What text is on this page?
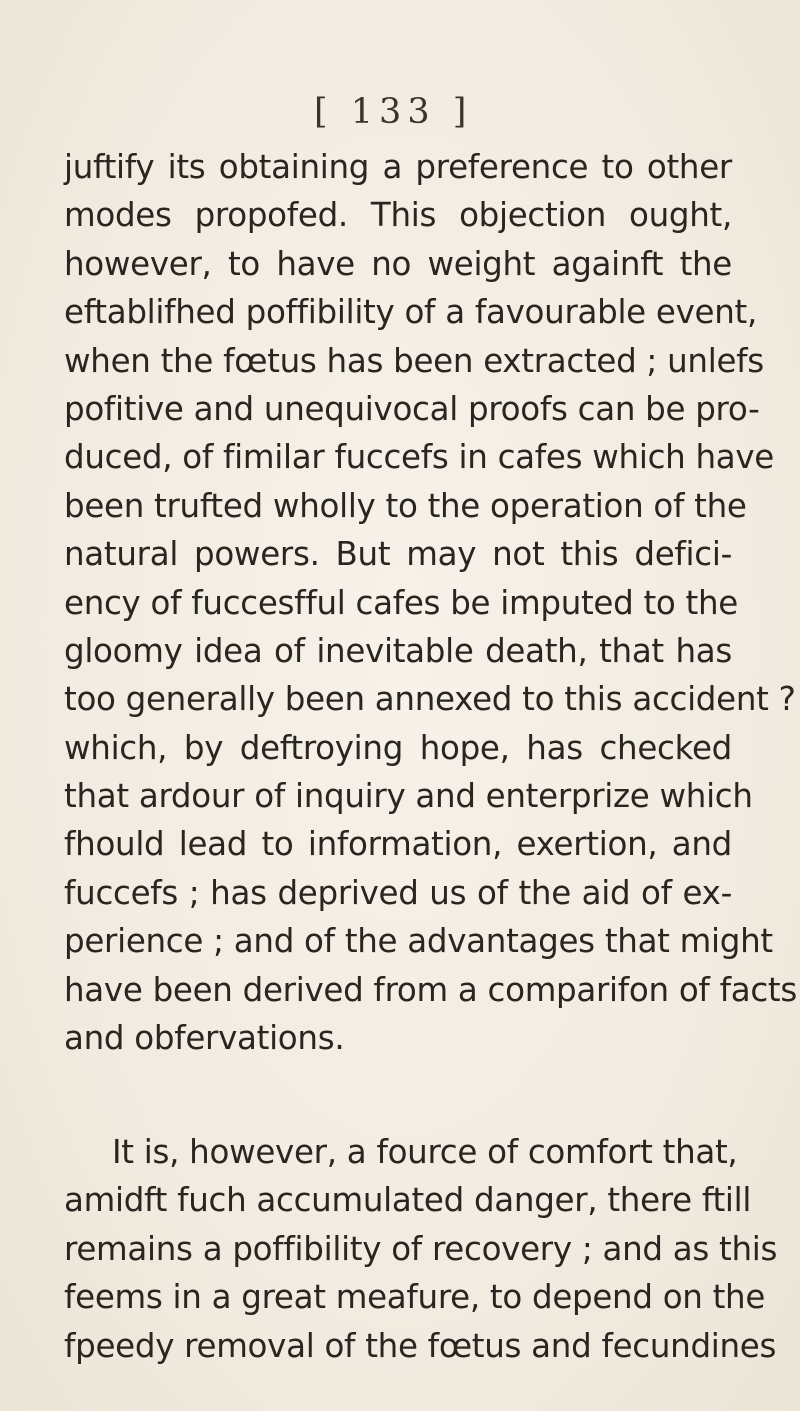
[ 133 ]
juftify its obtaining a preference to other
modes propofed. This objection ought,
however, to have no weight againft the
eftablifhed poffibility of a favourable event,
when the fœtus has been extracted ; unlefs
pofitive and unequivocal proofs can be pro-
duced, of fimilar fuccefs in cafes which have
been trufted wholly to the operation of the
natural powers. But may not this defici-
ency of fuccesfful cafes be imputed to the
gloomy idea of inevitable death, that has
too generally been annexed to this accident ?
which, by deftroying hope, has checked
that ardour of inquiry and enterprize which
fhould lead to information, exertion, and
fuccefs ; has deprived us of the aid of ex-
perience ; and of the advantages that might
have been derived from a comparifon of facts
and obfervations.
It is, however, a fource of comfort that,
amidft fuch accumulated danger, there ftill
remains a poffibility of recovery ; and as this
feems in a great meafure, to depend on the
fpeedy removal of the fœtus and fecundines
